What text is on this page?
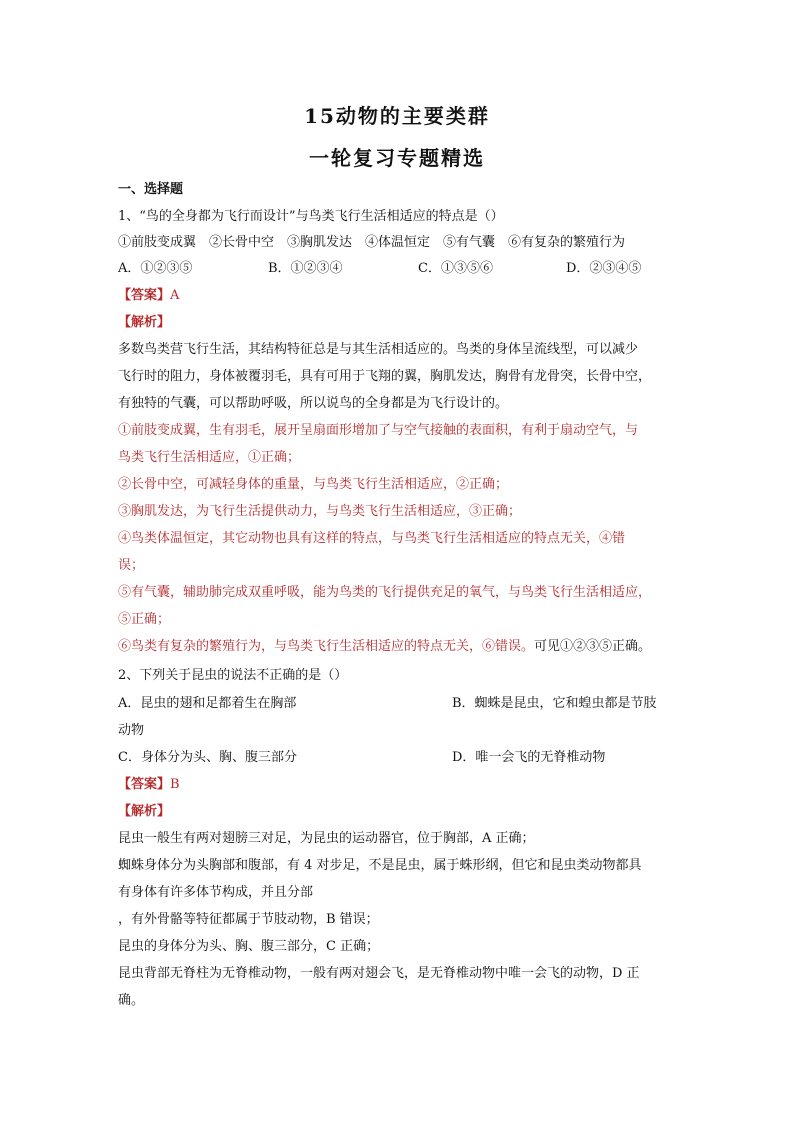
15动物的主要类群
一轮复习专题精选
一、选择题
1、“鸟的全身都为飞行而设计”与鸟类飞行生活相适应的特点是（）
①前肢变成翼　②长骨中空　③胸肌发达　④体温恒定　⑤有气囊　⑥有复杂的繁殖行为
A．①②③⑤	B．①②③④	C．①③⑤⑥	D．②③④⑤
【答案】A
【解析】
多数鸟类营飞行生活，其结构特征总是与其生活相适应的。鸟类的身体呈流线型，可以减少
飞行时的阻力，身体被覆羽毛，具有可用于飞翔的翼，胸肌发达，胸骨有龙骨突，长骨中空，
有独特的气囊，可以帮助呼吸，所以说鸟的全身都是为飞行设计的。
①前肢变成翼，生有羽毛，展开呈扇面形增加了与空气接触的表面积，有利于扇动空气，与
鸟类飞行生活相适应，①正确；
②长骨中空，可减轻身体的重量，与鸟类飞行生活相适应，②正确；
③胸肌发达，为飞行生活提供动力，与鸟类飞行生活相适应，③正确；
④鸟类体温恒定，其它动物也具有这样的特点，与鸟类飞行生活相适应的特点无关，④错
误；
⑤有气囊，辅助肺完成双重呼吸，能为鸟类的飞行提供充足的氧气，与鸟类飞行生活相适应，
⑤正确；
⑥鸟类有复杂的繁殖行为，与鸟类飞行生活相适应的特点无关，⑥错误。可见①②③⑤正确。
2、下列关于昆虫的说法不正确的是（）
A．昆虫的翅和足都着生在胸部	B．蜘蛛是昆虫，它和蝗虫都是节肢
动物
C．身体分为头、胸、腹三部分	D．唯一会飞的无脊椎动物
【答案】B
【解析】
昆虫一般生有两对翅膀三对足，为昆虫的运动器官，位于胸部，A 正确；
蜘蛛身体分为头胸部和腹部，有 4 对步足，不是昆虫，属于蛛形纲，但它和昆虫类动物都具
有身体有许多体节构成，并且分部
，有外骨骼等特征都属于节肢动物，B 错误；
昆虫的身体分为头、胸、腹三部分，C 正确；
昆虫背部无脊柱为无脊椎动物，一般有两对翅会飞，是无脊椎动物中唯一会飞的动物，D 正
确。
